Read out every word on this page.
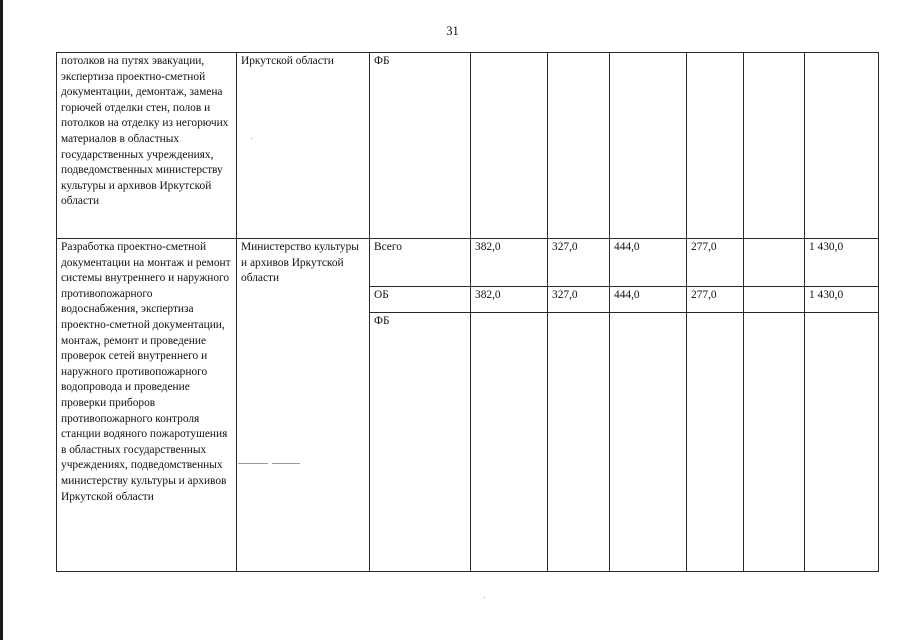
31
потолков на путях эвакуации, экспертиза проектно-сметной документации, демонтаж, замена горючей отделки стен, полов и потолков на отделку из негорючих материалов в областных государственных учреждениях, подведомственных министерству культуры и архивов Иркутской области	Иркутской области	ФБ						
Разработка проектно-сметной документации на монтаж и ремонт системы внутреннего и наружного противопожарного водоснабжения, экспертиза проектно-сметной документации, монтаж, ремонт и проведение проверок сетей внутреннего и наружного противопожарного водопровода и проведение проверки приборов противопожарного контроля станции водяного пожаротушения в областных государственных учреждениях, подведомственных министерству культуры и архивов Иркутской области	Министерство культуры и архивов Иркутской области	Всего	382,0	327,0	444,0	277,0		1 430,0
		ОБ	382,0	327,0	444,0	277,0		1 430,0
		ФБ						
